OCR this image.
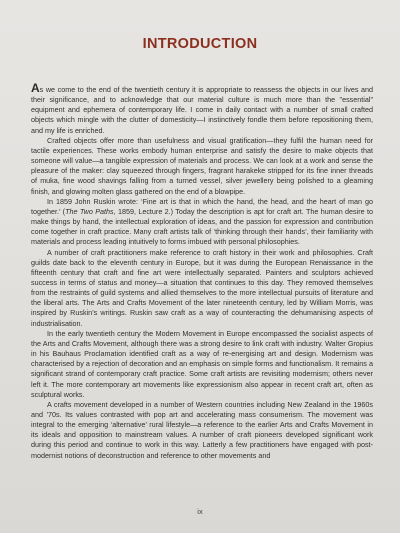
INTRODUCTION

As we come to the end of the twentieth century it is appropriate to reassess the objects in our lives and their significance, and to acknowledge that our material culture is much more than the "essential" equipment and ephemera of contemporary life. I come in daily contact with a number of small crafted objects which mingle with the clutter of domesticity—I instinctively fondle them before repositioning them, and my life is enriched.

Crafted objects offer more than usefulness and visual gratification—they fulfil the human need for tactile experiences. These works embody human enterprise and satisfy the desire to make objects that someone will value—a tangible expression of materials and process. We can look at a work and sense the pleasure of the maker: clay squeezed through fingers, fragrant harakeke stripped for its fine inner threads of muka, fine wood shavings falling from a turned vessel, silver jewellery being polished to a gleaming finish, and glowing molten glass gathered on the end of a blowpipe.

In 1859 John Ruskin wrote: ‘Fine art is that in which the hand, the head, and the heart of man go together.’ (The Two Paths, 1859, Lecture 2.) Today the description is apt for craft art. The human desire to make things by hand, the intellectual exploration of ideas, and the passion for expression and contribution come together in craft practice. Many craft artists talk of ‘thinking through their hands’, their familiarity with materials and process leading intuitively to forms imbued with personal philosophies.

A number of craft practitioners make reference to craft history in their work and philosophies. Craft guilds date back to the eleventh century in Europe, but it was during the European Renaissance in the fifteenth century that craft and fine art were intellectually separated. Painters and sculptors achieved success in terms of status and money—a situation that continues to this day. They removed themselves from the restraints of guild systems and allied themselves to the more intellectual pursuits of literature and the liberal arts. The Arts and Crafts Movement of the later nineteenth century, led by William Morris, was inspired by Ruskin’s writings. Ruskin saw craft as a way of counteracting the dehumanising aspects of industrialisation.

In the early twentieth century the Modern Movement in Europe encompassed the socialist aspects of the Arts and Crafts Movement, although there was a strong desire to link craft with industry. Walter Gropius in his Bauhaus Proclamation identified craft as a way of re-energising art and design. Modernism was characterised by a rejection of decoration and an emphasis on simple forms and functionalism. It remains a significant strand of contemporary craft practice. Some craft artists are revisiting modernism; others never left it. The more contemporary art movements like expressionism also appear in recent craft art, often as sculptural works.

A crafts movement developed in a number of Western countries including New Zealand in the 1960s and ’70s. Its values contrasted with pop art and accelerating mass consumerism. The movement was integral to the emerging ‘alternative’ rural lifestyle—a reference to the earlier Arts and Crafts Movement in its ideals and opposition to mainstream values. A number of craft pioneers developed significant work during this period and continue to work in this way. Latterly a few practitioners have engaged with post-modernist notions of deconstruction and reference to other movements and

ix
